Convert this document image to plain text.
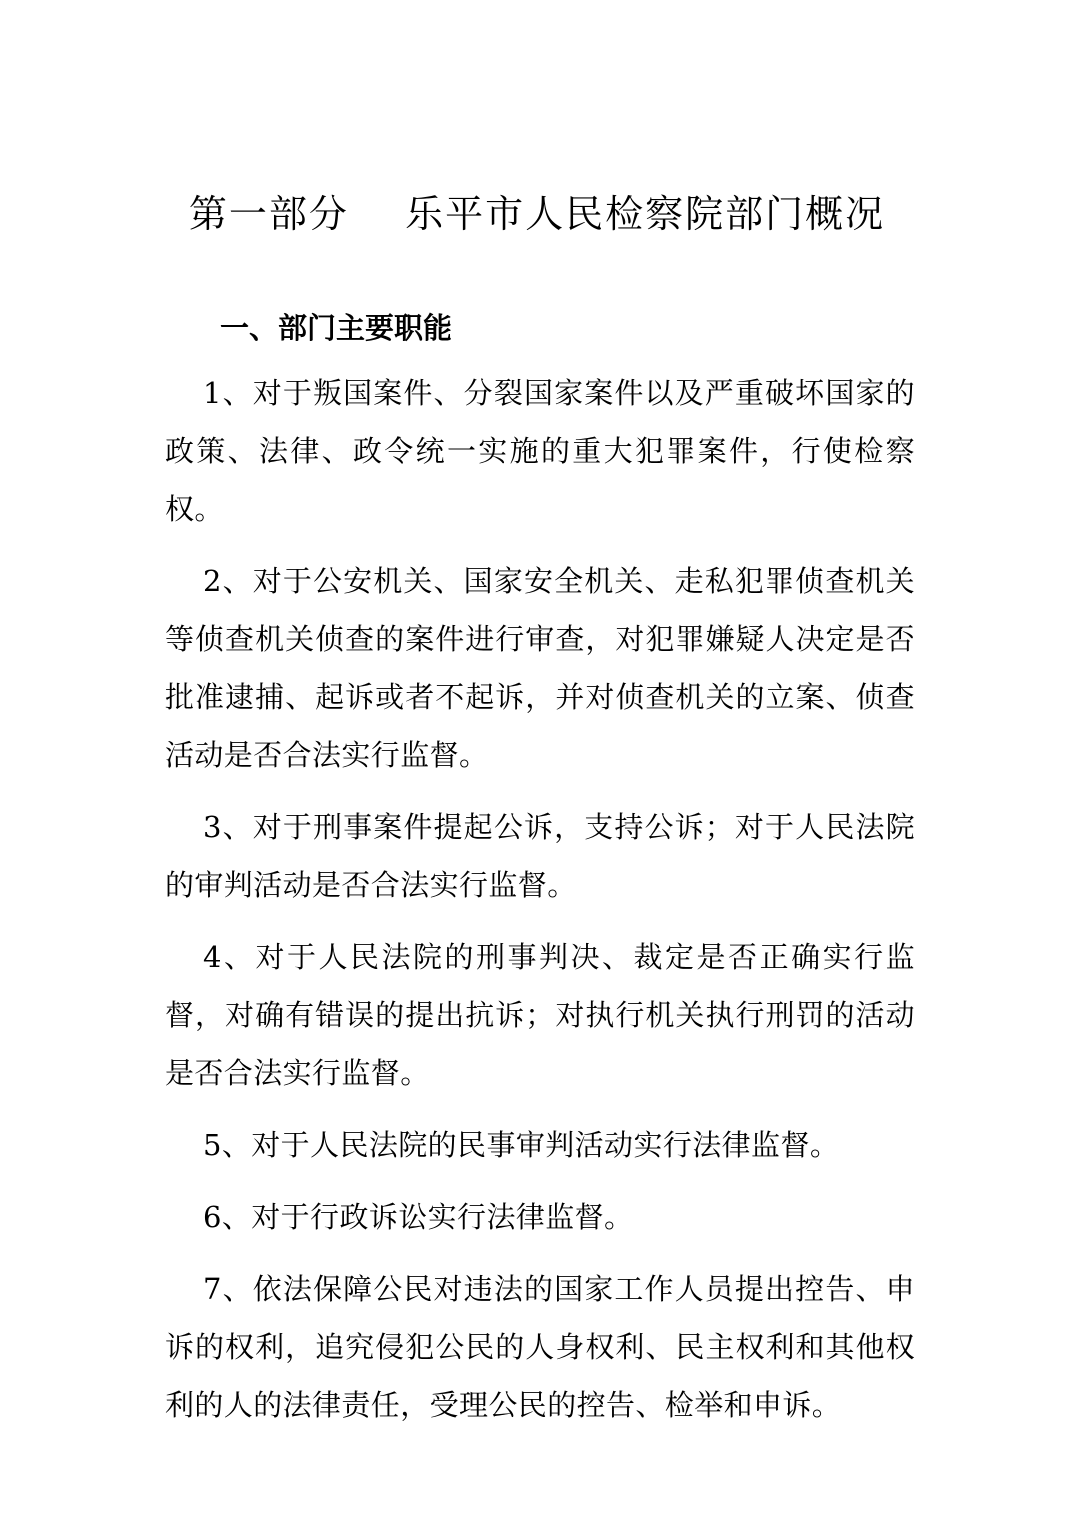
第一部分    乐平市人民检察院部门概况
一、部门主要职能

1、对于叛国案件、分裂国家案件以及严重破坏国家的政策、法律、政令统一实施的重大犯罪案件，行使检察权。

2、对于公安机关、国家安全机关、走私犯罪侦查机关等侦查机关侦查的案件进行审查，对犯罪嫌疑人决定是否批准逮捕、起诉或者不起诉，并对侦查机关的立案、侦查活动是否合法实行监督。

3、对于刑事案件提起公诉，支持公诉；对于人民法院的审判活动是否合法实行监督。

4、对于人民法院的刑事判决、裁定是否正确实行监督，对确有错误的提出抗诉；对执行机关执行刑罚的活动是否合法实行监督。

5、对于人民法院的民事审判活动实行法律监督。

6、对于行政诉讼实行法律监督。

7、依法保障公民对违法的国家工作人员提出控告、申诉的权利，追究侵犯公民的人身权利、民主权利和其他权利的人的法律责任，受理公民的控告、检举和申诉。
